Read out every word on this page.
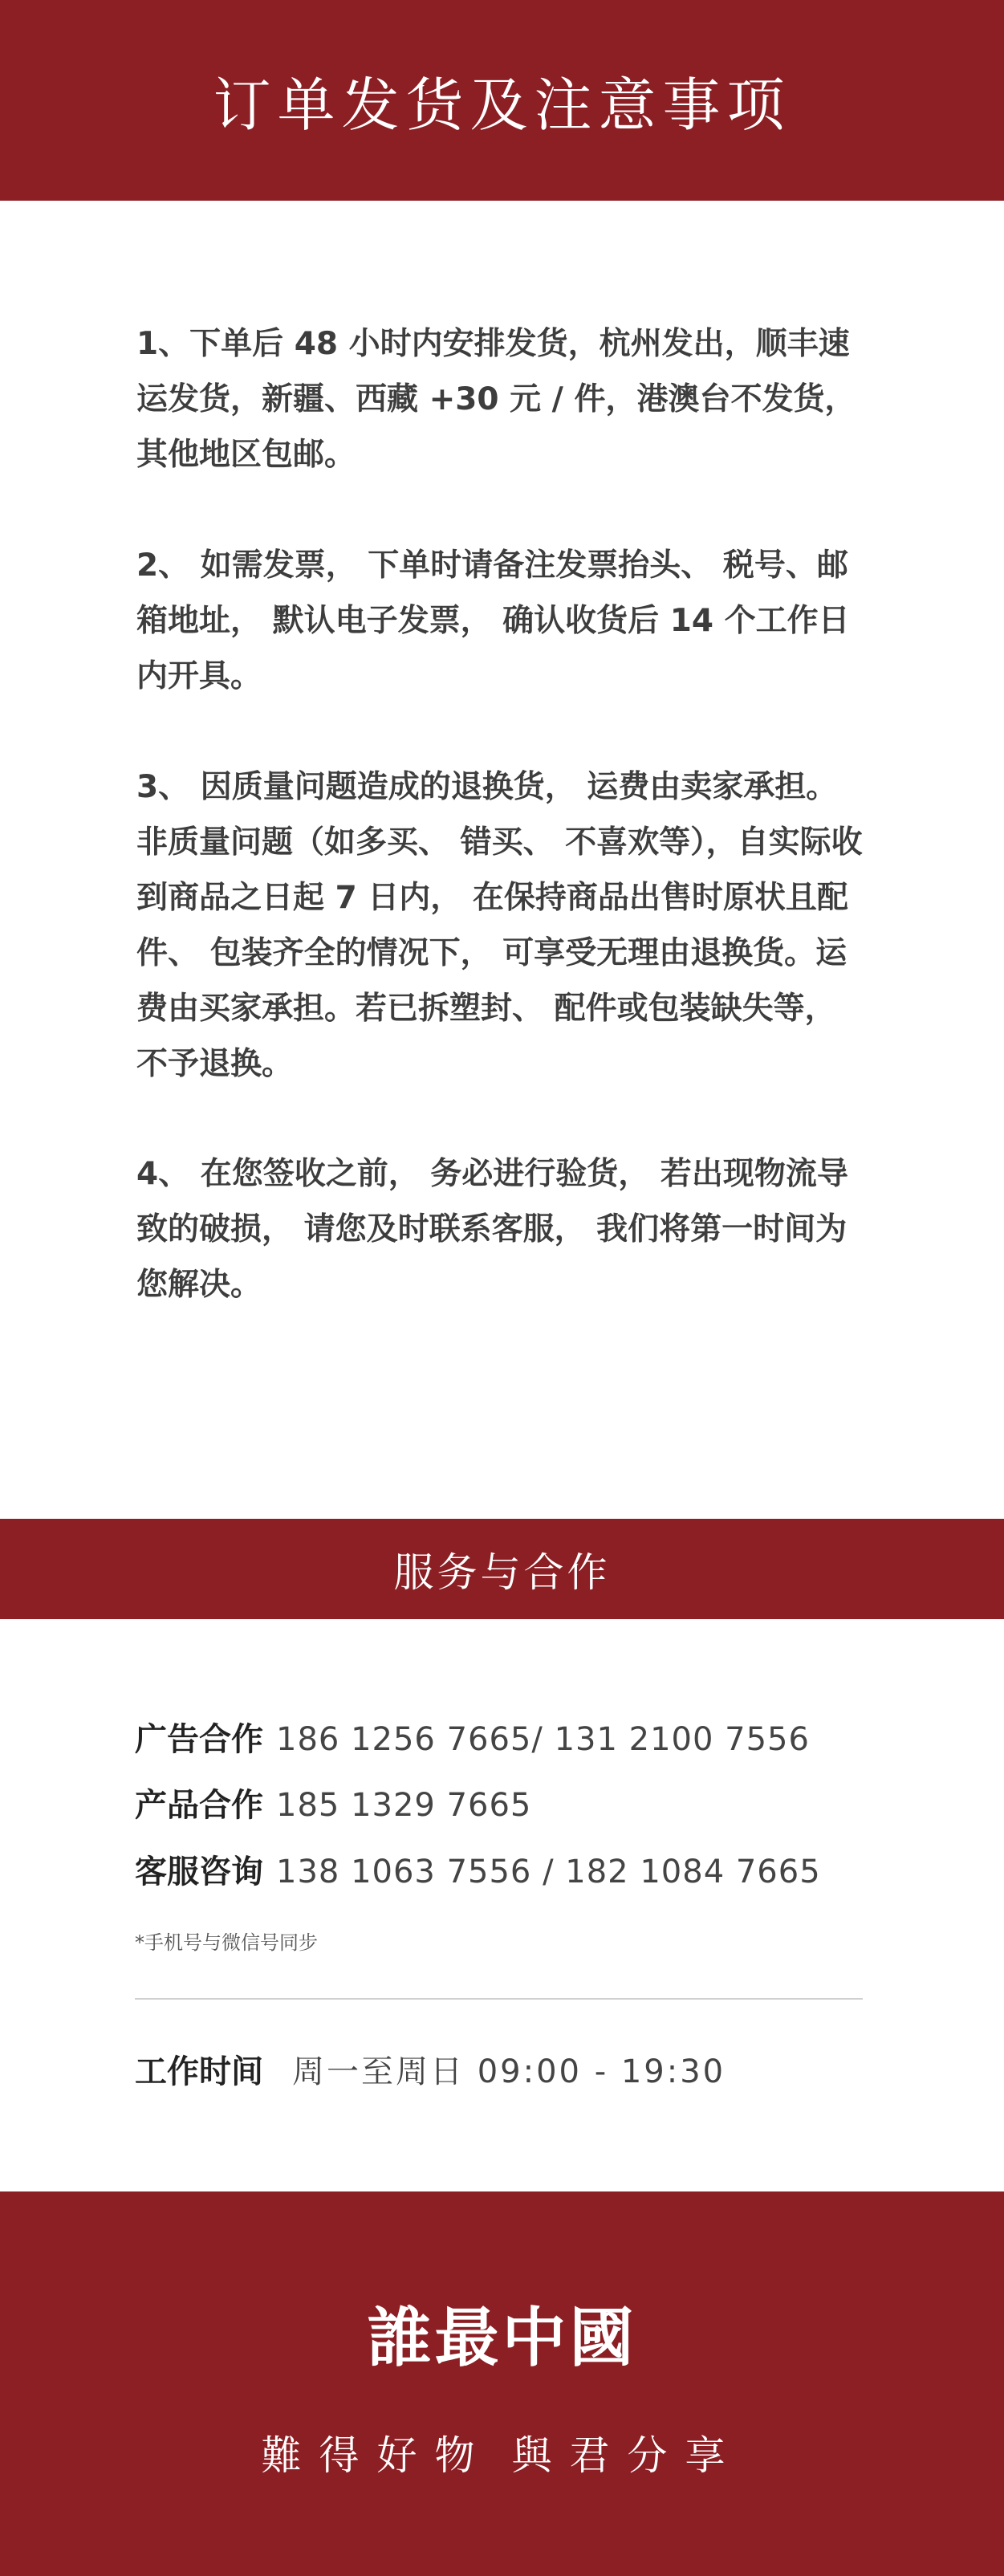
订单发货及注意事项

1、下单后 48 小时内安排发货，杭州发出，顺丰速运发货，新疆、西藏 +30 元 / 件，港澳台不发货，其他地区包邮。

2、 如需发票， 下单时请备注发票抬头、 税号、邮箱地址， 默认电子发票， 确认收货后 14 个工作日内开具。

3、 因质量问题造成的退换货， 运费由卖家承担。非质量问题（如多买、 错买、 不喜欢等），自实际收到商品之日起 7 日内， 在保持商品出售时原状且配件、 包装齐全的情况下， 可享受无理由退换货。运费由买家承担。若已拆塑封、 配件或包装缺失等，不予退换。

4、 在您签收之前， 务必进行验货， 若出现物流导致的破损， 请您及时联系客服， 我们将第一时间为您解决。

服务与合作
广告合作 186 1256 7665/ 131 2100 7556
产品合作 185 1329 7665
客服咨询 138 1063 7556 / 182 1084 7665
*手机号与微信号同步
工作时间 周一至周日 09:00 - 19:30
誰最中國
難得好物 與君分享
